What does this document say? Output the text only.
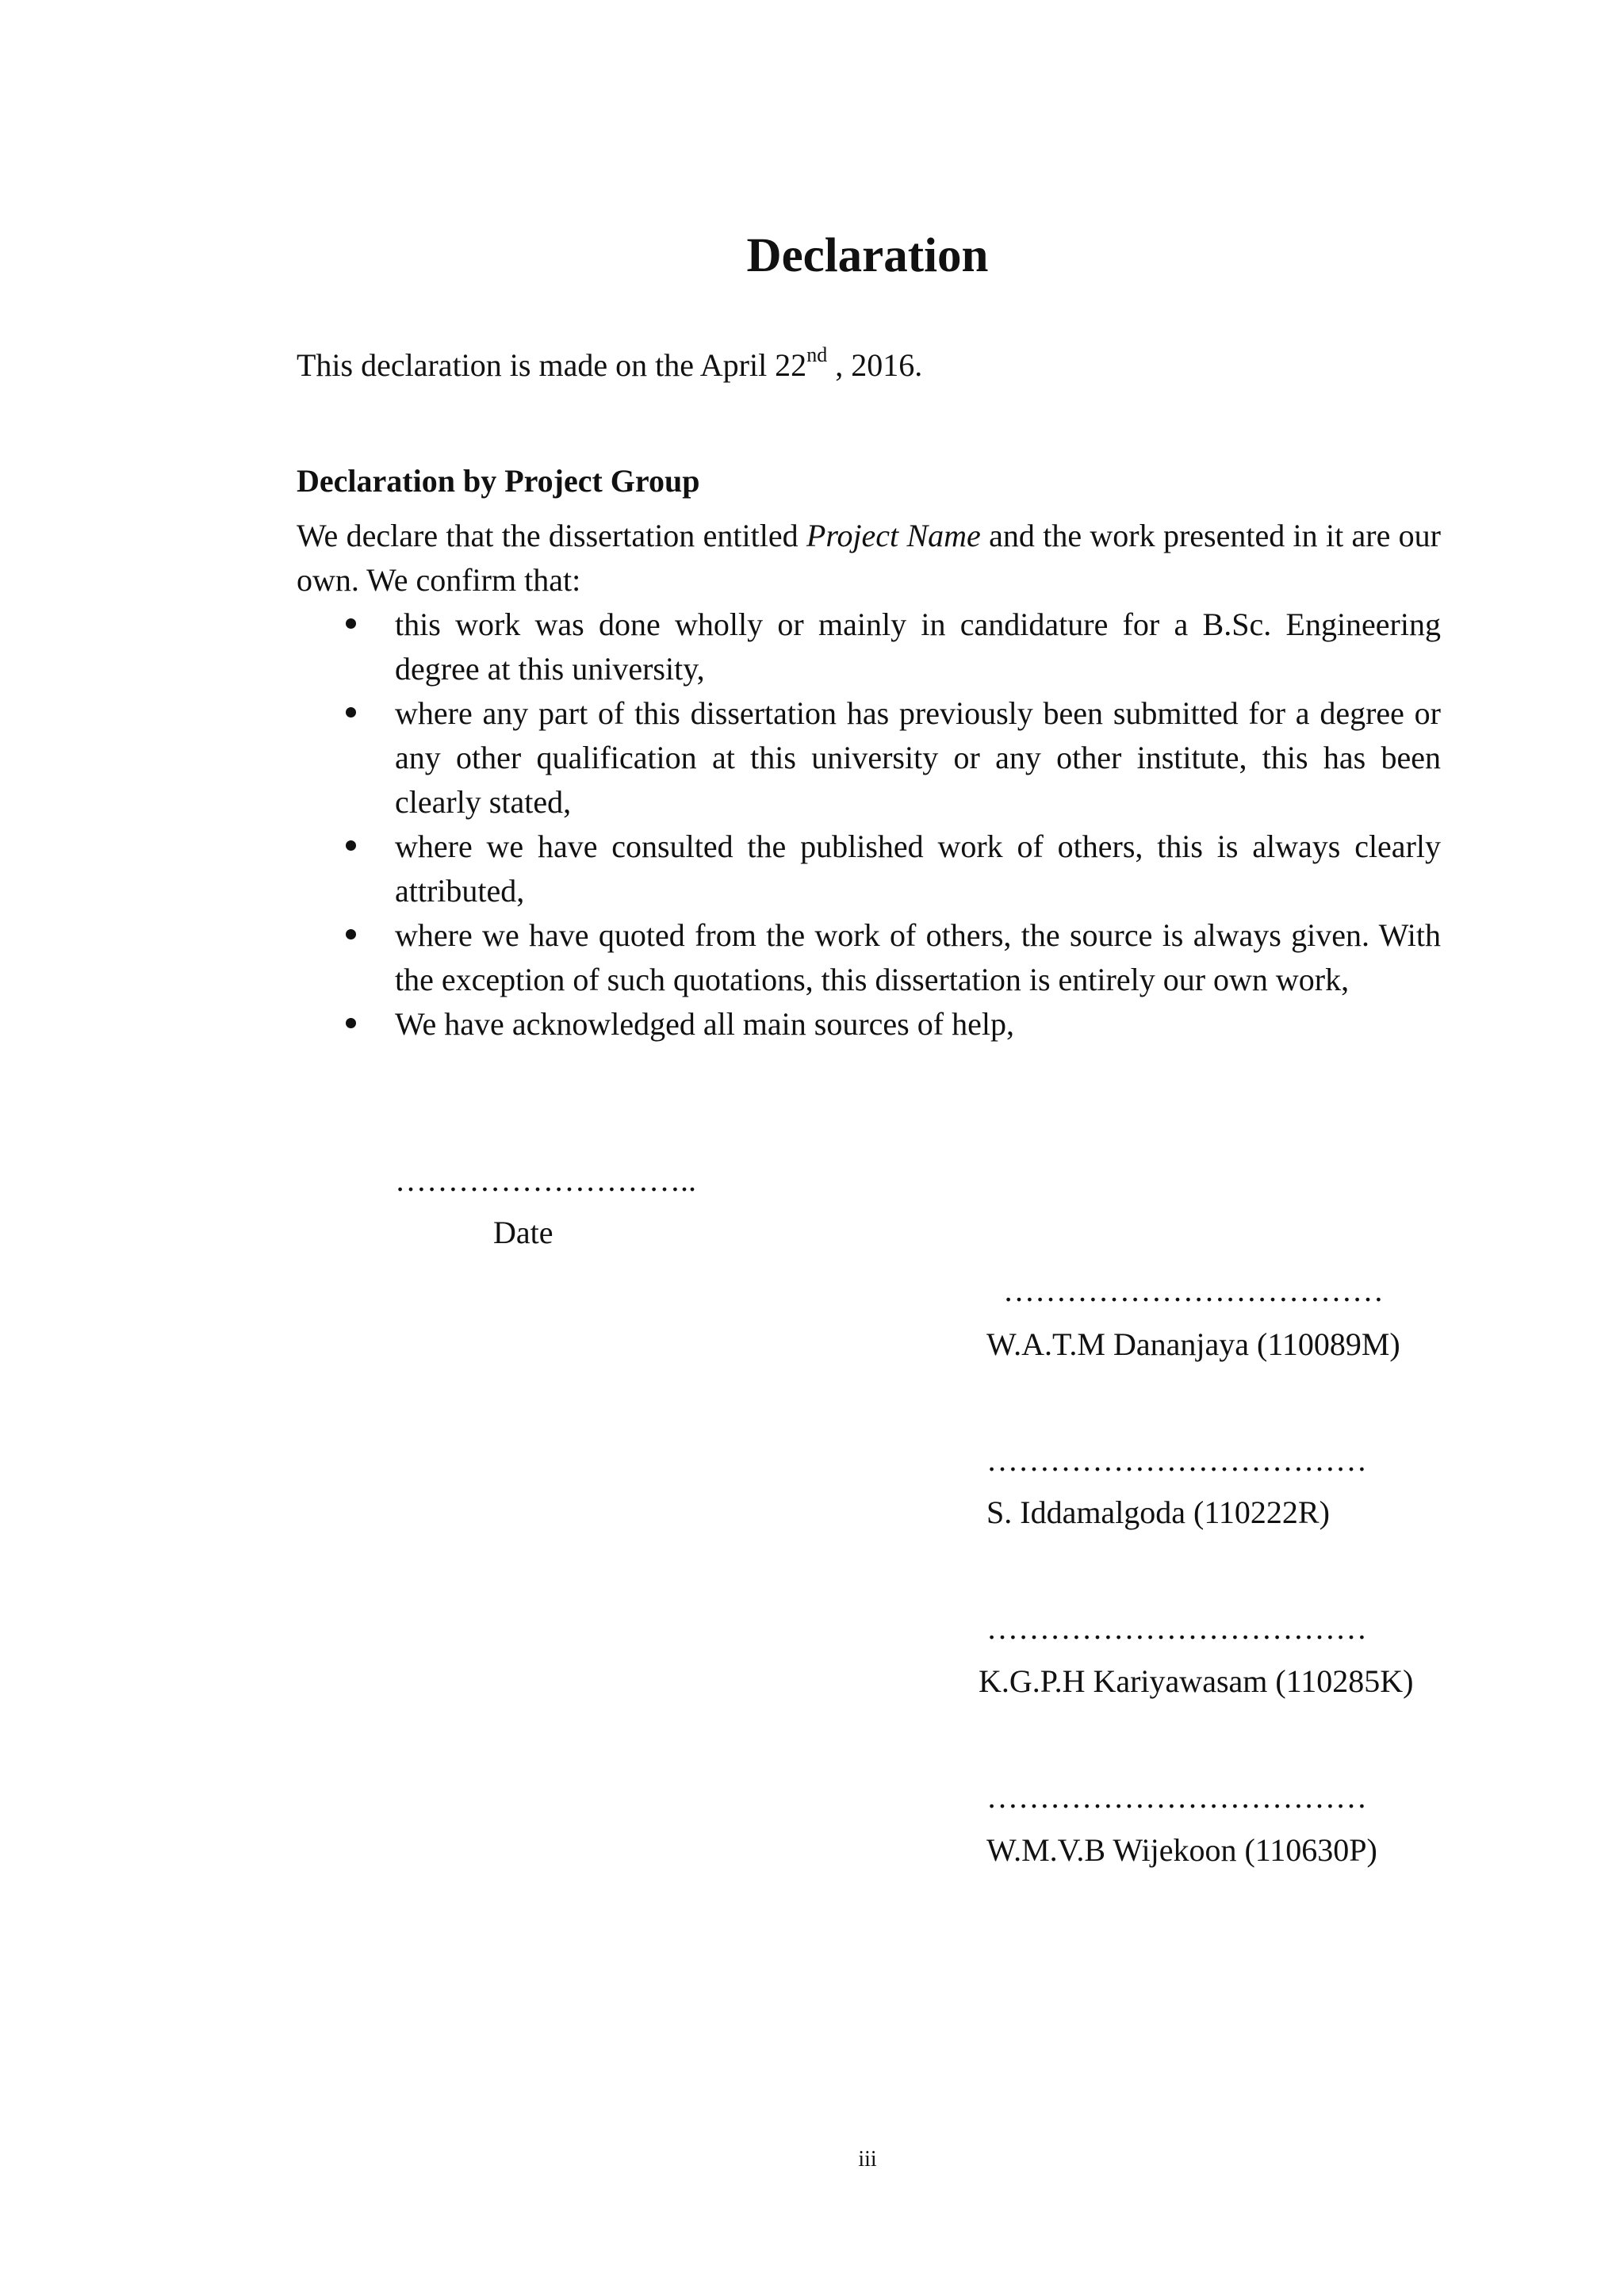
Declaration
This declaration is made on the April 22nd , 2016.
Declaration by Project Group

We declare that the dissertation entitled Project Name and the work presented in it are our own. We confirm that:

this work was done wholly or mainly in candidature for a B.Sc. Engineering degree at this university,
where any part of this dissertation has previously been submitted for a degree or any other qualification at this university or any other institute, this has been clearly stated,
where we have consulted the published work of others, this is always clearly attributed,
where we have quoted from the work of others, the source is always given. With the exception of such quotations, this dissertation is entirely our own work,
We have acknowledged all main sources of help,
………………………..
Date
………………………………
W.A.T.M Dananjaya (110089M)
………………………………
S. Iddamalgoda (110222R)
………………………………
K.G.P.H Kariyawasam (110285K)
………………………………
W.M.V.B Wijekoon (110630P)
iii
